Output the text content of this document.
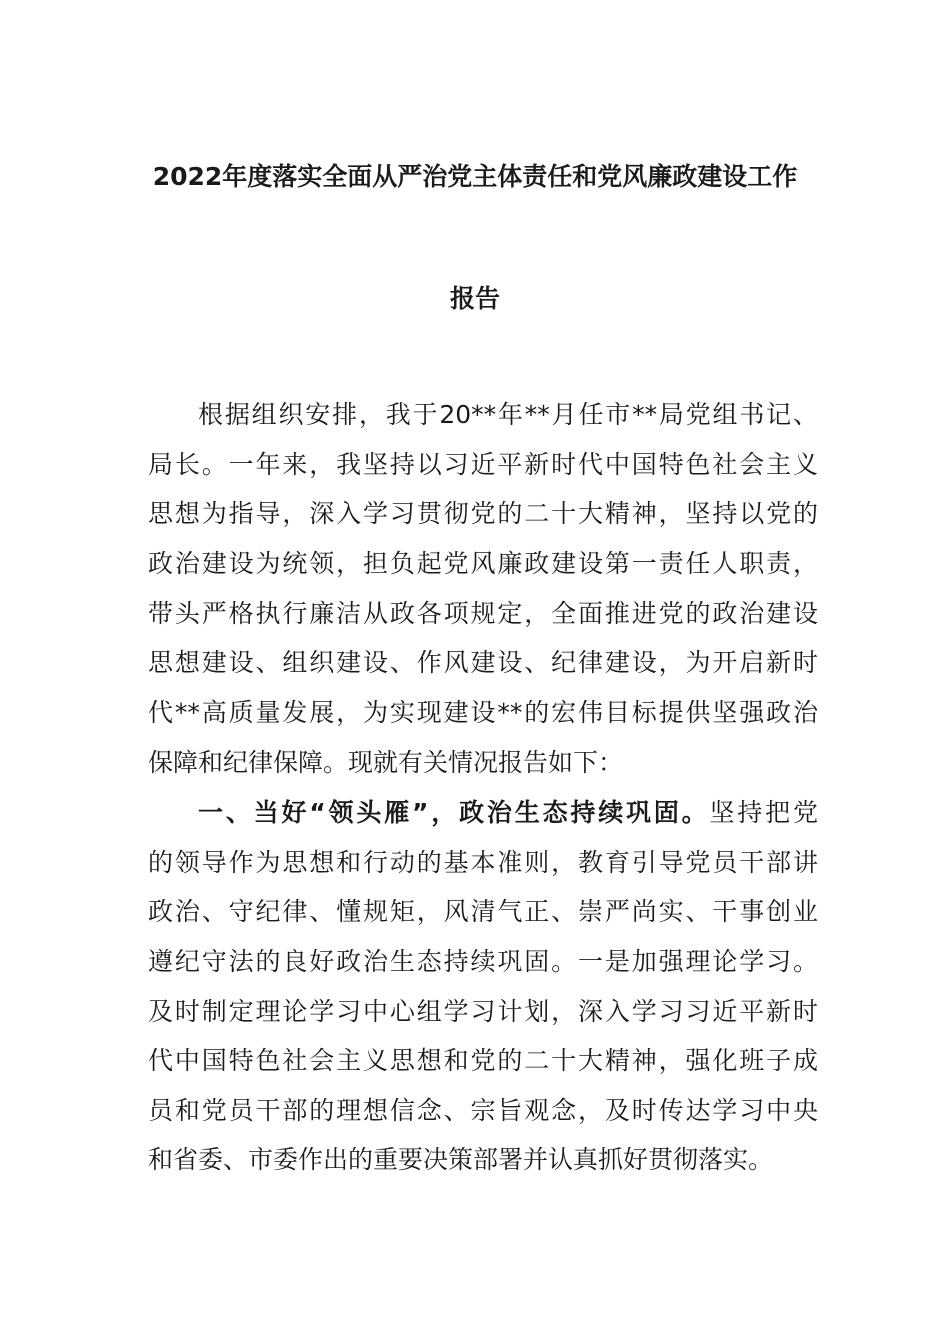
2022年度落实全面从严治党主体责任和党风廉政建设工作
报告
根据组织安排，我于20**年**月任市**局党组书记、
局长。一年来，我坚持以习近平新时代中国特色社会主义
思想为指导，深入学习贯彻党的二十大精神，坚持以党的
政治建设为统领，担负起党风廉政建设第一责任人职责，
带头严格执行廉洁从政各项规定，全面推进党的政治建设
思想建设、组织建设、作风建设、纪律建设，为开启新时
代**高质量发展，为实现建设**的宏伟目标提供坚强政治
保障和纪律保障。现就有关情况报告如下：
一、当好“领头雁”，政治生态持续巩固。坚持把党
的领导作为思想和行动的基本准则，教育引导党员干部讲
政治、守纪律、懂规矩，风清气正、崇严尚实、干事创业
遵纪守法的良好政治生态持续巩固。一是加强理论学习。
及时制定理论学习中心组学习计划，深入学习习近平新时
代中国特色社会主义思想和党的二十大精神，强化班子成
员和党员干部的理想信念、宗旨观念，及时传达学习中央
和省委、市委作出的重要决策部署并认真抓好贯彻落实。
